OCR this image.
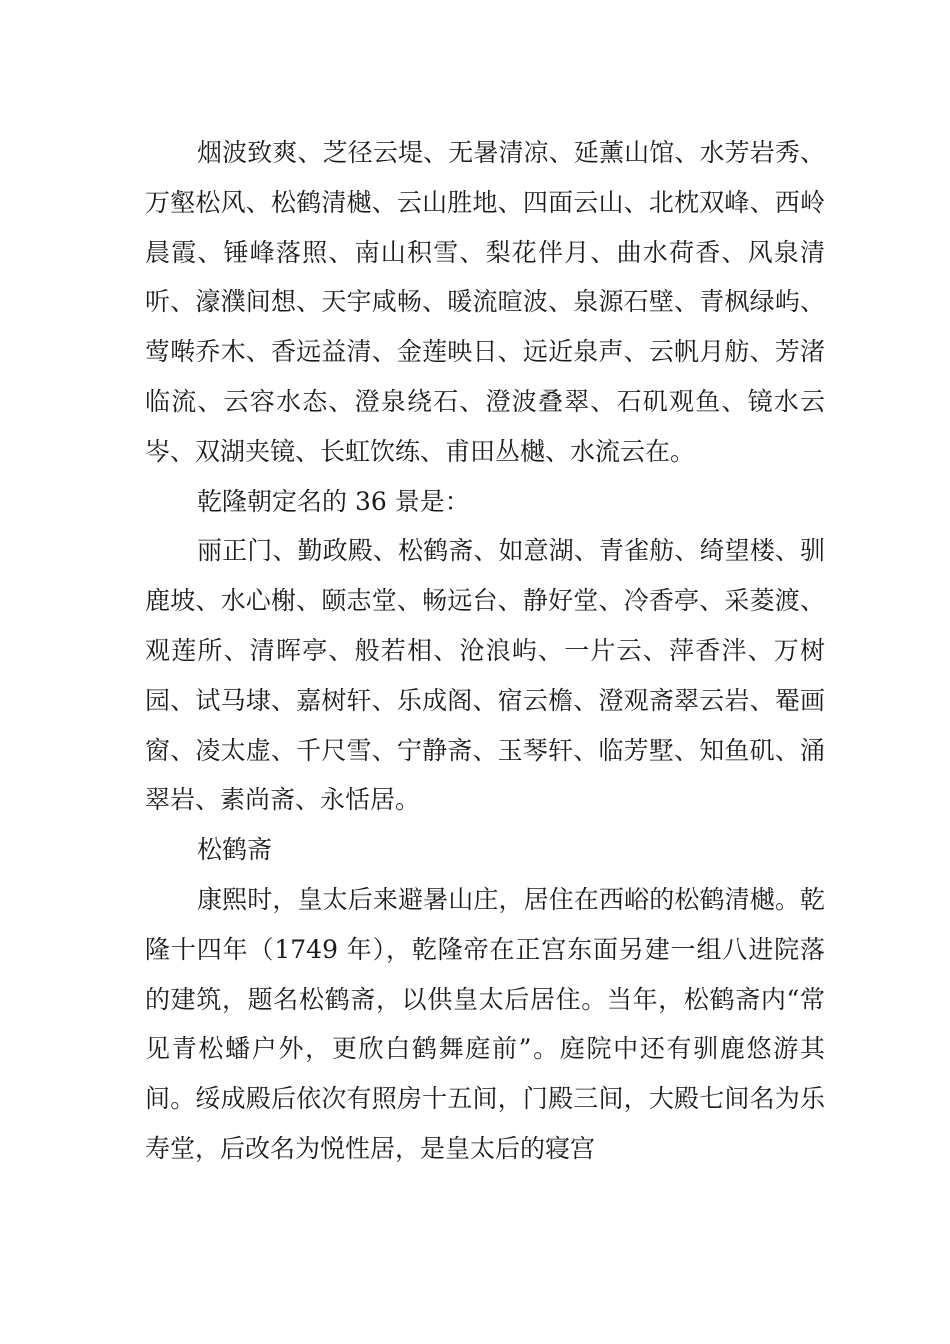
烟波致爽、芝径云堤、无暑清凉、延薰山馆、水芳岩秀、万壑松风、松鹤清樾、云山胜地、四面云山、北枕双峰、西岭晨霞、锤峰落照、南山积雪、梨花伴月、曲水荷香、风泉清听、濠濮间想、天宇咸畅、暖流暄波、泉源石壁、青枫绿屿、莺啭乔木、香远益清、金莲映日、远近泉声、云帆月舫、芳渚临流、云容水态、澄泉绕石、澄波叠翠、石矶观鱼、镜水云岑、双湖夹镜、长虹饮练、甫田丛樾、水流云在。

乾隆朝定名的 36 景是：

丽正门、勤政殿、松鹤斋、如意湖、青雀舫、绮望楼、驯鹿坡、水心榭、颐志堂、畅远台、静好堂、冷香亭、采菱渡、观莲所、清晖亭、般若相、沧浪屿、一片云、萍香泮、万树园、试马埭、嘉树轩、乐成阁、宿云檐、澄观斋翠云岩、罨画窗、凌太虚、千尺雪、宁静斋、玉琴轩、临芳墅、知鱼矶、涌翠岩、素尚斋、永恬居。

松鹤斋

康熙时，皇太后来避暑山庄，居住在西峪的松鹤清樾。乾隆十四年（1749 年），乾隆帝在正宫东面另建一组八进院落的建筑，题名松鹤斋，以供皇太后居住。当年，松鹤斋内“常见青松蟠户外，更欣白鹤舞庭前”。庭院中还有驯鹿悠游其间。绥成殿后依次有照房十五间，门殿三间，大殿七间名为乐寿堂，后改名为悦性居，是皇太后的寝宫
